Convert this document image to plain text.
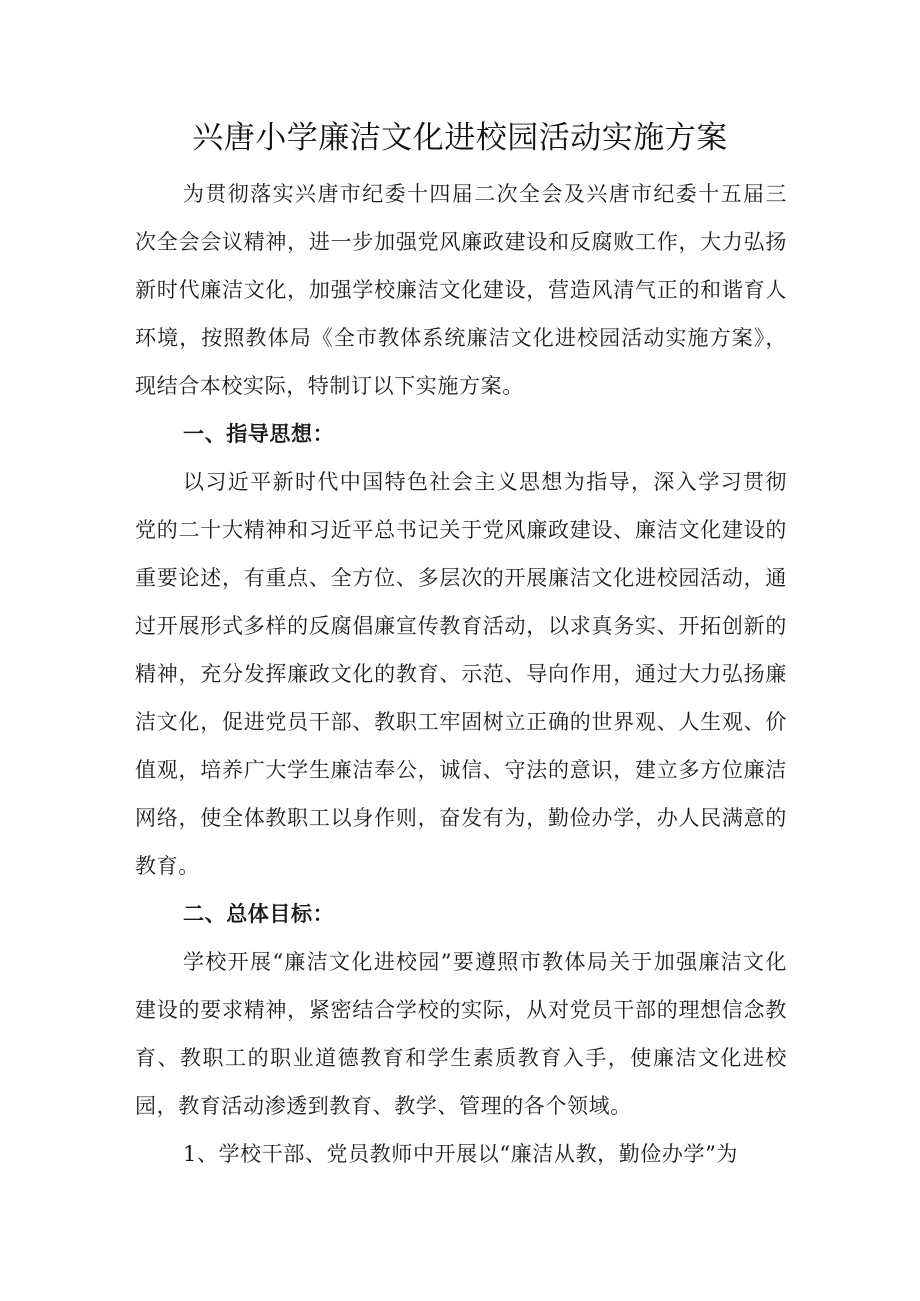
兴唐小学廉洁文化进校园活动实施方案

为贯彻落实兴唐市纪委十四届二次全会及兴唐市纪委十五届三次全会会议精神，进一步加强党风廉政建设和反腐败工作，大力弘扬新时代廉洁文化，加强学校廉洁文化建设，营造风清气正的和谐育人环境，按照教体局《全市教体系统廉洁文化进校园活动实施方案》，现结合本校实际，特制订以下实施方案。

一、指导思想：

以习近平新时代中国特色社会主义思想为指导，深入学习贯彻党的二十大精神和习近平总书记关于党风廉政建设、廉洁文化建设的重要论述，有重点、全方位、多层次的开展廉洁文化进校园活动，通过开展形式多样的反腐倡廉宣传教育活动，以求真务实、开拓创新的精神，充分发挥廉政文化的教育、示范、导向作用，通过大力弘扬廉洁文化，促进党员干部、教职工牢固树立正确的世界观、人生观、价值观，培养广大学生廉洁奉公，诚信、守法的意识，建立多方位廉洁网络，使全体教职工以身作则，奋发有为，勤俭办学，办人民满意的教育。

二、总体目标：

学校开展“廉洁文化进校园”要遵照市教体局关于加强廉洁文化建设的要求精神，紧密结合学校的实际，从对党员干部的理想信念教育、教职工的职业道德教育和学生素质教育入手，使廉洁文化进校园，教育活动渗透到教育、教学、管理的各个领域。

1、学校干部、党员教师中开展以“廉洁从教，勤俭办学”为
